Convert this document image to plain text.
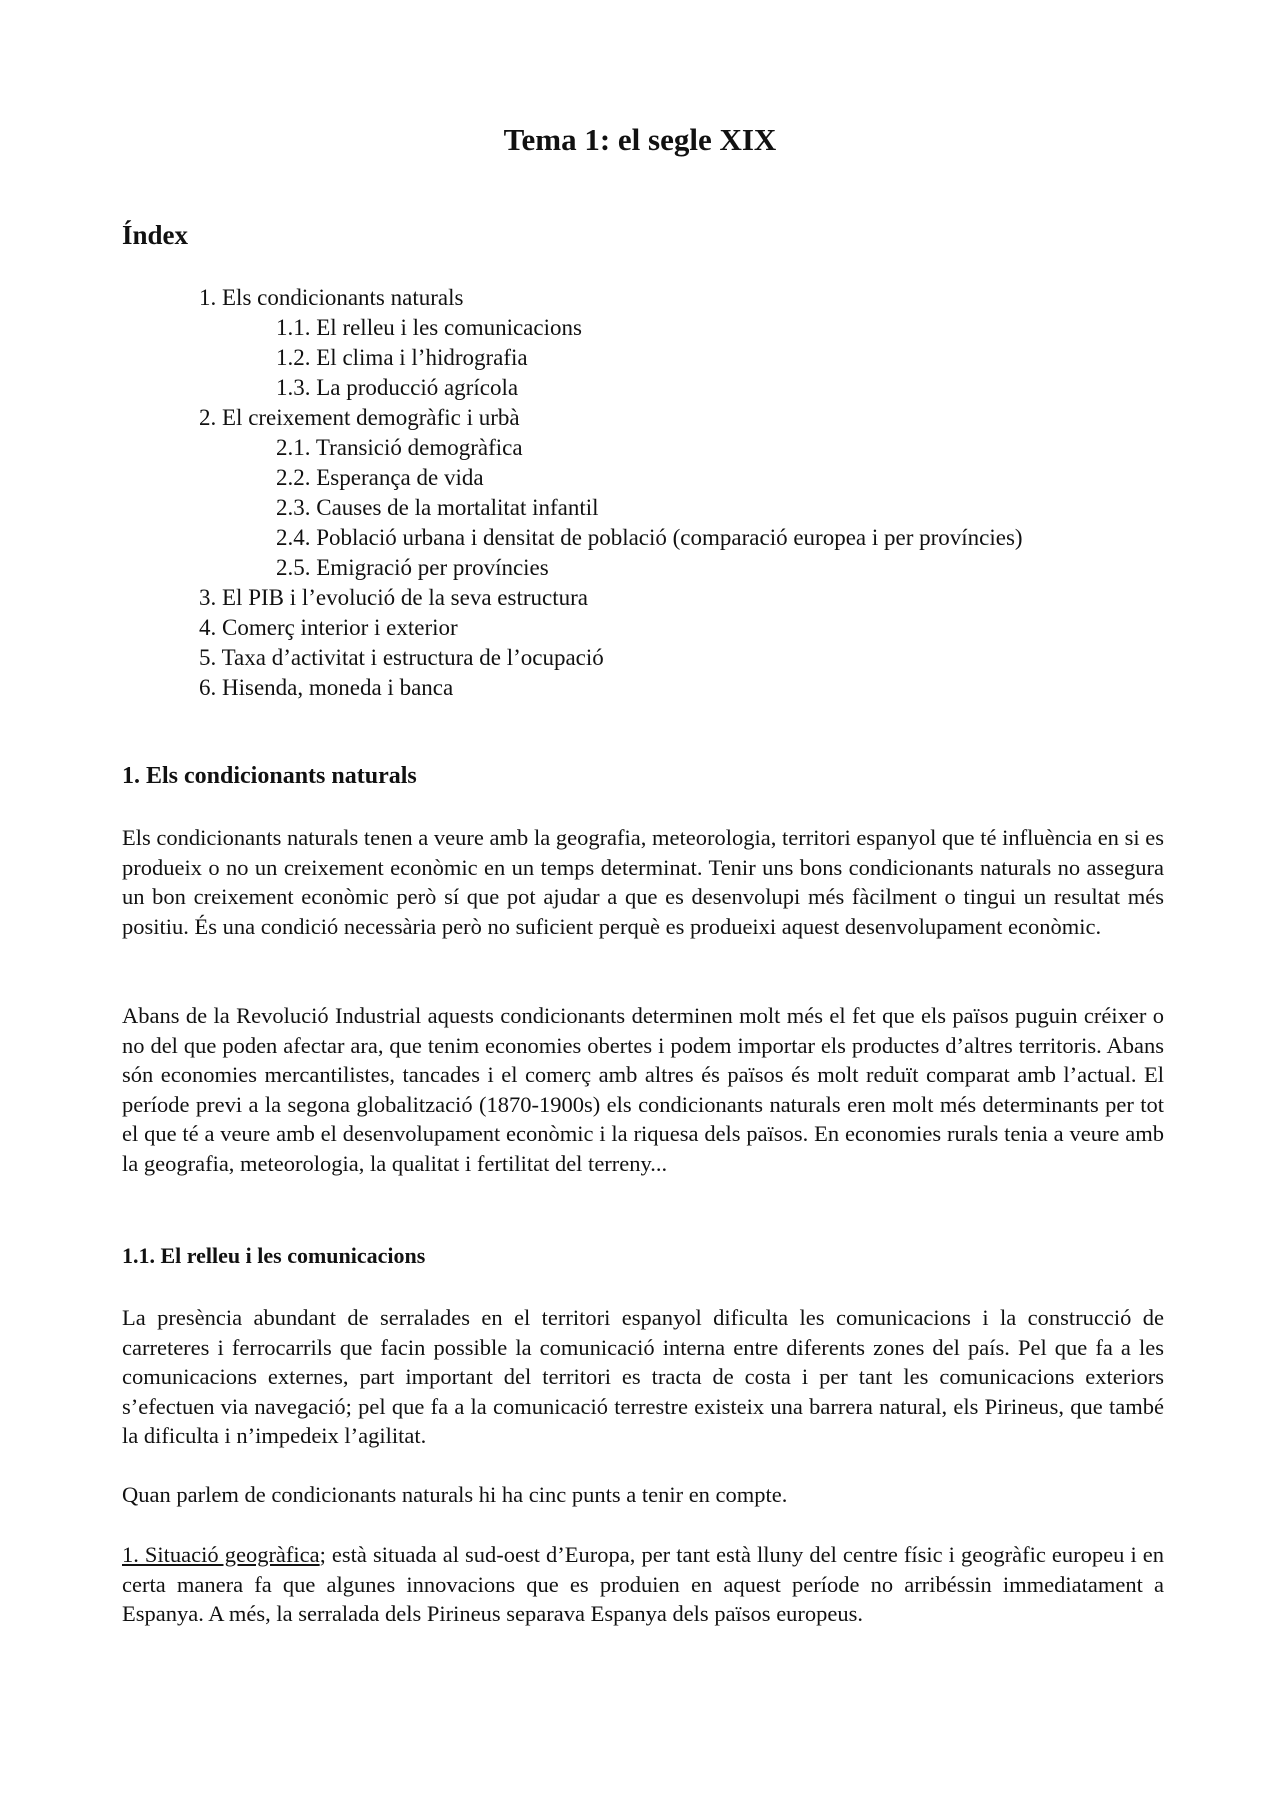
Tema 1: el segle XIX
Índex
1. Els condicionants naturals
1.1. El relleu i les comunicacions
1.2. El clima i l’hidrografia
1.3. La producció agrícola
2. El creixement demogràfic i urbà
2.1. Transició demogràfica
2.2. Esperança de vida
2.3. Causes de la mortalitat infantil
2.4. Població urbana i densitat de població (comparació europea i per províncies)
2.5. Emigració per províncies
3. El PIB i l’evolució de la seva estructura
4. Comerç interior i exterior
5. Taxa d’activitat i estructura de l’ocupació
6. Hisenda, moneda i banca
1. Els condicionants naturals
Els condicionants naturals tenen a veure amb la geografia, meteorologia, territori espanyol que té influència en si es produeix o no un creixement econòmic en un temps determinat. Tenir uns bons condicionants naturals no assegura un bon creixement econòmic però sí que pot ajudar a que es desenvolupi més fàcilment o tingui un resultat més positiu. És una condició necessària però no suficient perquè es produeixi aquest desenvolupament econòmic.
Abans de la Revolució Industrial aquests condicionants determinen molt més el fet que els països puguin créixer o no del que poden afectar ara, que tenim economies obertes i podem importar els productes d’altres territoris. Abans són economies mercantilistes, tancades i el comerç amb altres és països és molt reduït comparat amb l’actual. El període previ a la segona globalització (1870-1900s) els condicionants naturals eren molt més determinants per tot el que té a veure amb el desenvolupament econòmic i la riquesa dels països. En economies rurals tenia a veure amb la geografia, meteorologia, la qualitat i fertilitat del terreny...
1.1. El relleu i les comunicacions
La presència abundant de serralades en el territori espanyol dificulta les comunicacions i la construcció de carreteres i ferrocarrils que facin possible la comunicació interna entre diferents zones del país. Pel que fa a les comunicacions externes, part important del territori es tracta de costa i per tant les comunicacions exteriors s’efectuen via navegació; pel que fa a la comunicació terrestre existeix una barrera natural, els Pirineus, que també la dificulta i n’impedeix l’agilitat.
Quan parlem de condicionants naturals hi ha cinc punts a tenir en compte.
1. Situació geogràfica; està situada al sud-oest d’Europa, per tant està lluny del centre físic i geogràfic europeu i en certa manera fa que algunes innovacions que es produien en aquest període no arribéssin immediatament a Espanya. A més, la serralada dels Pirineus separava Espanya dels països europeus.
